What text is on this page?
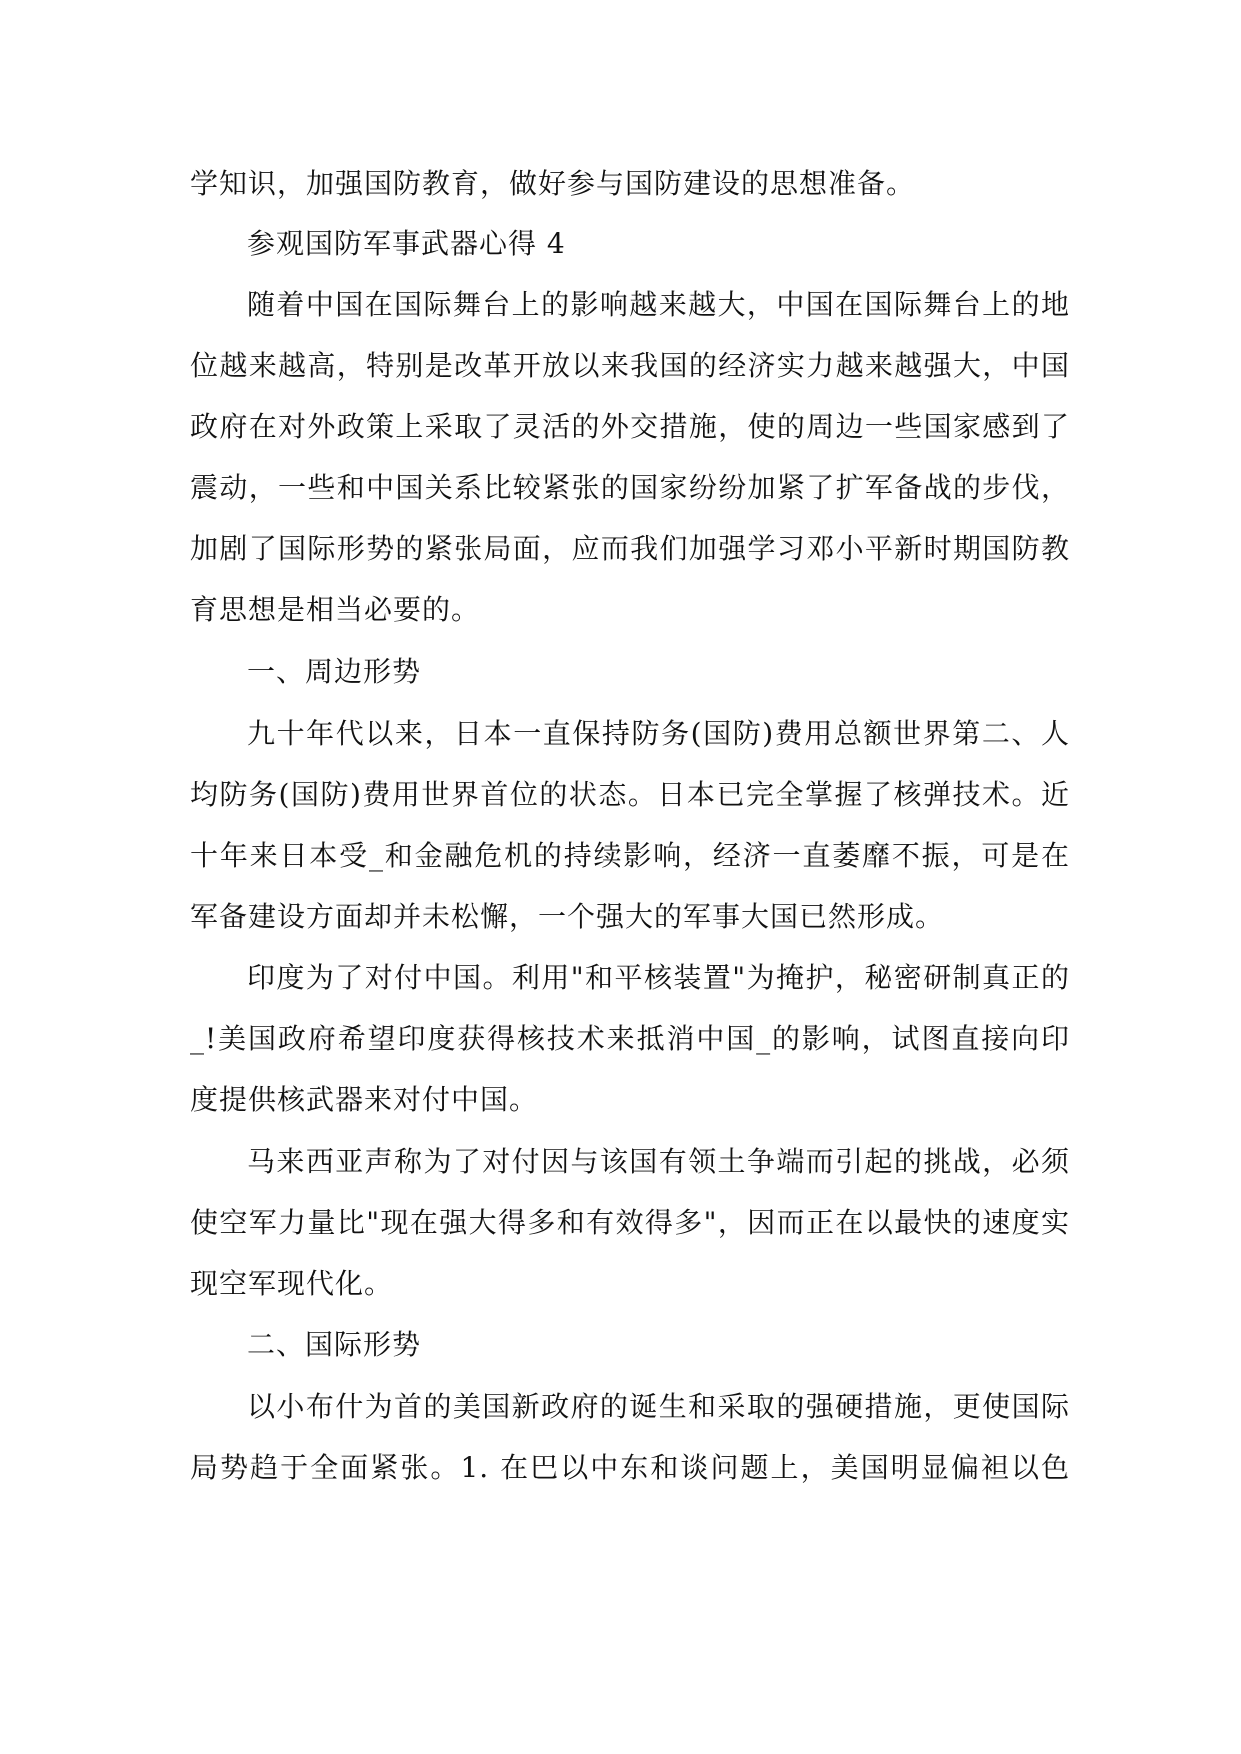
学知识，加强国防教育，做好参与国防建设的思想准备。

参观国防军事武器心得 4

随着中国在国际舞台上的影响越来越大，中国在国际舞台上的地

位越来越高，特别是改革开放以来我国的经济实力越来越强大，中国

政府在对外政策上采取了灵活的外交措施，使的周边一些国家感到了

震动，一些和中国关系比较紧张的国家纷纷加紧了扩军备战的步伐，

加剧了国际形势的紧张局面，应而我们加强学习邓小平新时期国防教

育思想是相当必要的。

一、周边形势

九十年代以来，日本一直保持防务(国防)费用总额世界第二、人

均防务(国防)费用世界首位的状态。日本已完全掌握了核弹技术。近

十年来日本受_和金融危机的持续影响，经济一直萎靡不振，可是在

军备建设方面却并未松懈，一个强大的军事大国已然形成。

印度为了对付中国。利用"和平核装置"为掩护，秘密研制真正的

_!美国政府希望印度获得核技术来抵消中国_的影响，试图直接向印

度提供核武器来对付中国。

马来西亚声称为了对付因与该国有领土争端而引起的挑战，必须

使空军力量比"现在强大得多和有效得多"，因而正在以最快的速度实

现空军现代化。

二、国际形势

以小布什为首的美国新政府的诞生和采取的强硬措施，更使国际

局势趋于全面紧张。1. 在巴以中东和谈问题上，美国明显偏袒以色
